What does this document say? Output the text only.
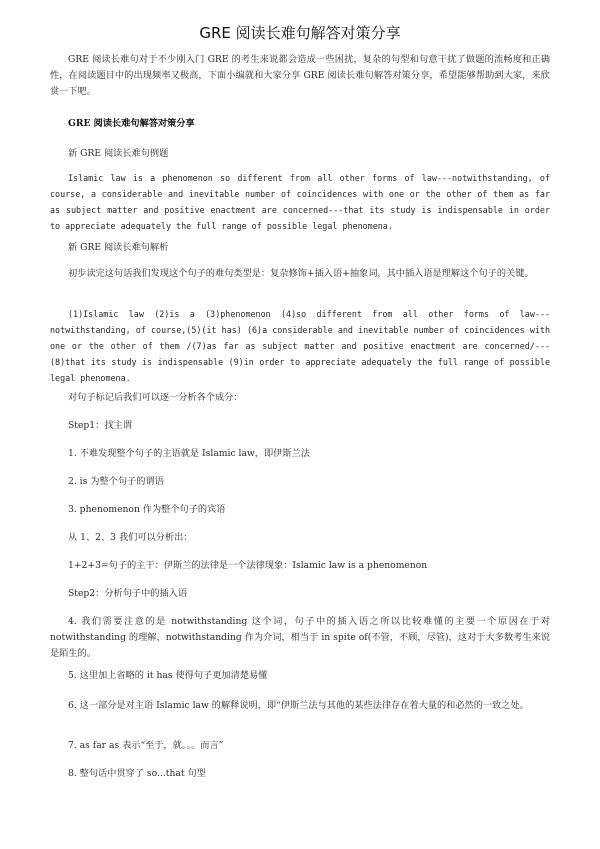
GRE 阅读长难句解答对策分享

GRE 阅读长难句对于不少刚入门 GRE 的考生来说都会造成一些困扰，复杂的句型和句意干扰了做题的流畅度和正确性，在阅读题目中的出现频率又极高，下面小编就和大家分享 GRE 阅读长难句解答对策分享，希望能够帮助到大家，来欣赏一下吧。

GRE 阅读长难句解答对策分享

新 GRE 阅读长难句例题

Islamic law is a phenomenon so different from all other forms of law---notwithstanding, of course, a considerable and inevitable number of coincidences with one or the other of them as far as subject matter and positive enactment are concerned---that its study is indispensable in order to appreciate adequately the full range of possible legal phenomena.

新 GRE 阅读长难句解析

初步读完这句话我们发现这个句子的难句类型是：复杂修饰+插入语+抽象词，其中插入语是理解这个句子的关键。

(1)Islamic law (2)is a (3)phenomenon (4)so different from all other forms of law---notwithstanding, of course,(5)(it has) (6)a considerable and inevitable number of coincidences with one or the other of them /(7)as far as subject matter and positive enactment are concerned/---(8)that its study is indispensable (9)in order to appreciate adequately the full range of possible legal phenomena.

对句子标记后我们可以逐一分析各个成分：

Step1：找主谓

1. 不难发现整个句子的主语就是 Islamic law，即伊斯兰法

2. is 为整个句子的谓语

3. phenomenon 作为整个句子的宾语

从 1、2、3 我们可以分析出：

1+2+3=句子的主干：伊斯兰的法律是一个法律现象：Islamic law is a phenomenon

Step2：分析句子中的插入语

4. 我们需要注意的是 notwithstanding 这个词，句子中的插入语之所以比较难懂的主要一个原因在于对 notwithstanding 的理解，notwithstanding 作为介词，相当于 in spite of(不管，不顾，尽管)，这对于大多数考生来说是陌生的。

5. 这里加上省略的 it has 使得句子更加清楚易懂

6. 这一部分是对主语 Islamic law 的解释说明，即“伊斯兰法与其他的某些法律存在着大量的和必然的一致之处。

7. as far as 表示“至于，就。。。而言”

8. 整句话中贯穿了 so...that 句型
